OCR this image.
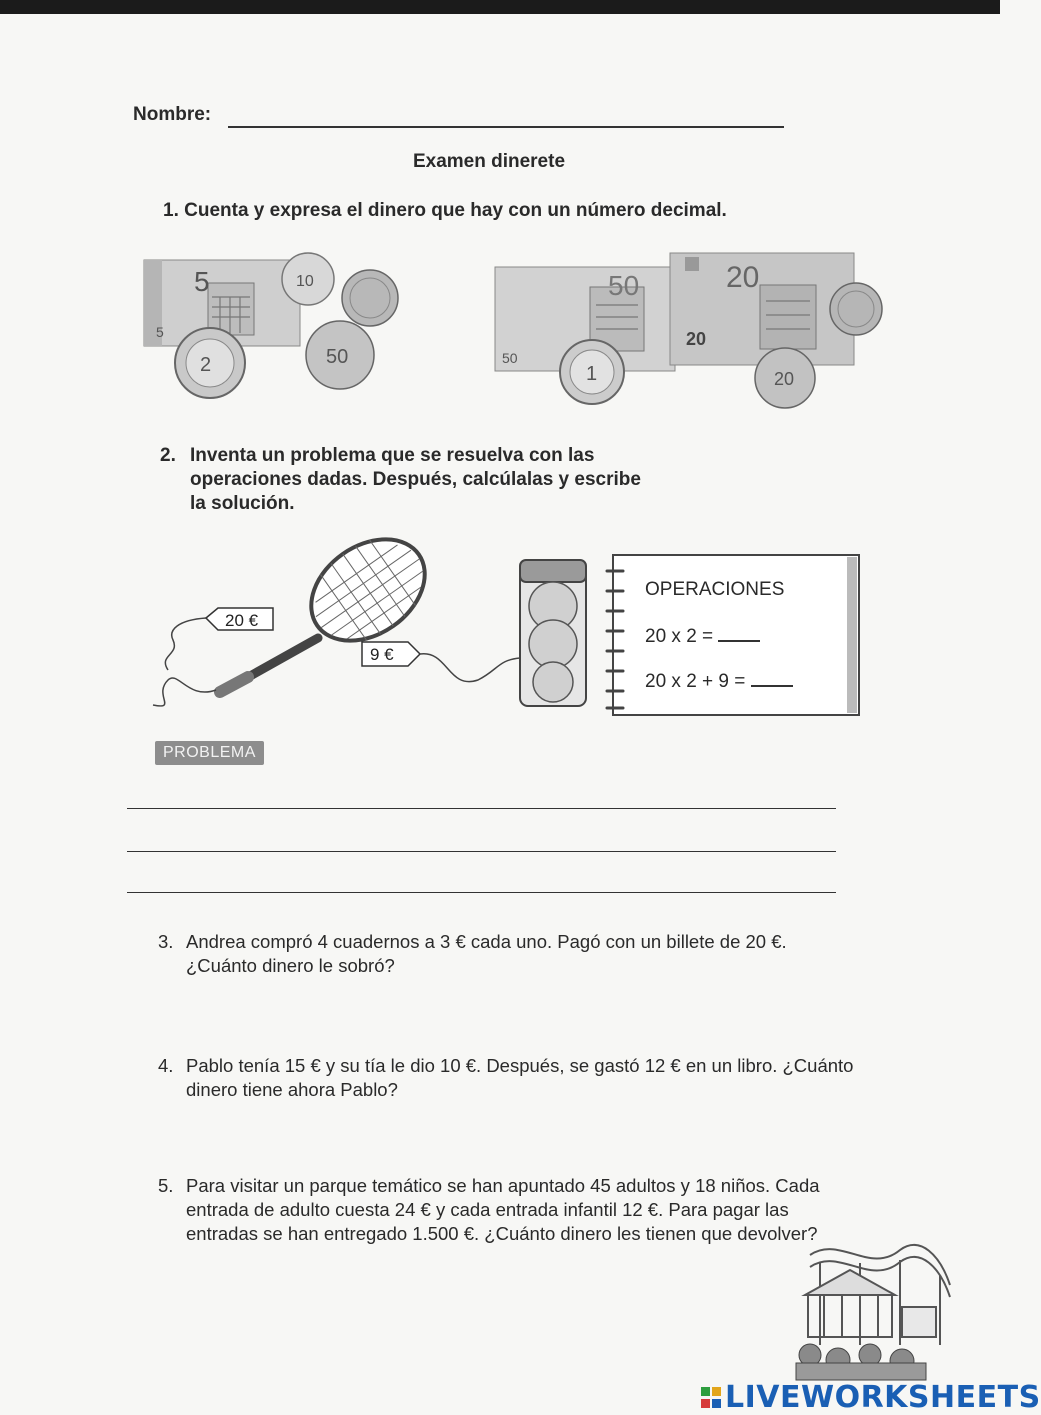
Nombre:
Examen dinerete
1. Cuenta y expresa el dinero que hay con un número decimal.
5
5
10
2	50
50
50
20
20
1	20
2. Inventa un problema que se resuelva con las
operaciones dadas. Después, calcúlalas y escribe
la solución.
20 €
9 €
OPERACIONES
20 x 2 =
20 x 2 + 9 =
PROBLEMA
3. Andrea compró 4 cuadernos a 3 € cada uno. Pagó con un billete de 20 €. ¿Cuánto dinero le sobró?
4. Pablo tenía 15 € y su tía le dio 10 €. Después, se gastó 12 € en un libro. ¿Cuánto dinero tiene ahora Pablo?
5. Para visitar un parque temático se han apuntado 45 adultos y 18 niños. Cada entrada de adulto cuesta 24 € y cada entrada infantil 12 €. Para pagar las entradas se han entregado 1.500 €. ¿Cuánto dinero les tienen que devolver?
LIVEWORKSHEETS
